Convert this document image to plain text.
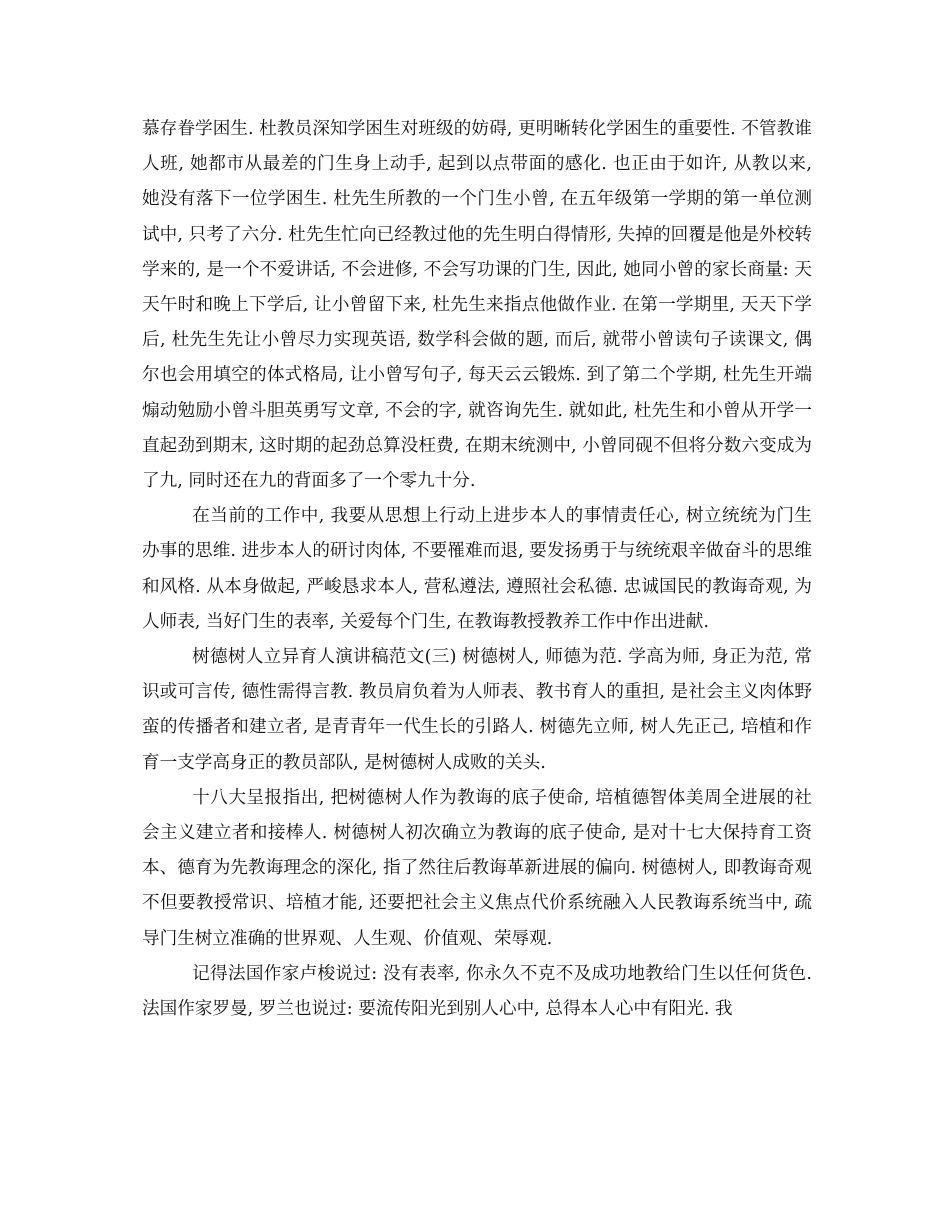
慕存眷学困生. 杜教员深知学困生对班级的妨碍, 更明晰转化学困生的重要性. 不管教谁人班, 她都市从最差的门生身上动手, 起到以点带面的感化. 也正由于如许, 从教以来, 她没有落下一位学困生. 杜先生所教的一个门生小曾, 在五年级第一学期的第一单位测试中, 只考了六分. 杜先生忙向已经教过他的先生明白得情形, 失掉的回覆是他是外校转学来的, 是一个不爱讲话, 不会进修, 不会写功课的门生, 因此, 她同小曾的家长商量: 天天午时和晚上下学后, 让小曾留下来, 杜先生来指点他做作业. 在第一学期里, 天天下学后, 杜先生先让小曾尽力实现英语, 数学科会做的题, 而后, 就带小曾读句子读课文, 偶尔也会用填空的体式格局, 让小曾写句子, 每天云云锻炼. 到了第二个学期, 杜先生开端煽动勉励小曾斗胆英勇写文章, 不会的字, 就咨询先生. 就如此, 杜先生和小曾从开学一直起劲到期末, 这时期的起劲总算没枉费, 在期末统测中, 小曾同砚不但将分数六变成为了九, 同时还在九的背面多了一个零九十分.

在当前的工作中, 我要从思想上行动上进步本人的事情责任心, 树立统统为门生办事的思维. 进步本人的研讨肉体, 不要罹难而退, 要发扬勇于与统统艰辛做奋斗的思维和风格. 从本身做起, 严峻恳求本人, 营私遵法, 遵照社会私德. 忠诚国民的教诲奇观, 为人师表, 当好门生的表率, 关爱每个门生, 在教诲教授教养工作中作出进献.

树德树人立异育人演讲稿范文(三) 树德树人, 师德为范. 学高为师, 身正为范, 常识或可言传, 德性需得言教. 教员肩负着为人师表、教书育人的重担, 是社会主义肉体野蛮的传播者和建立者, 是青青年一代生长的引路人. 树德先立师, 树人先正己, 培植和作育一支学高身正的教员部队, 是树德树人成败的关头.

十八大呈报指出, 把树德树人作为教诲的底子使命, 培植德智体美周全进展的社会主义建立者和接棒人. 树德树人初次确立为教诲的底子使命, 是对十七大保持育工资本、德育为先教诲理念的深化, 指了然往后教诲革新进展的偏向. 树德树人, 即教诲奇观不但要教授常识、培植才能, 还要把社会主义焦点代价系统融入人民教诲系统当中, 疏导门生树立准确的世界观、人生观、价值观、荣辱观.

记得法国作家卢梭说过: 没有表率, 你永久不克不及成功地教给门生以任何货色. 法国作家罗曼, 罗兰也说过: 要流传阳光到别人心中, 总得本人心中有阳光. 我
